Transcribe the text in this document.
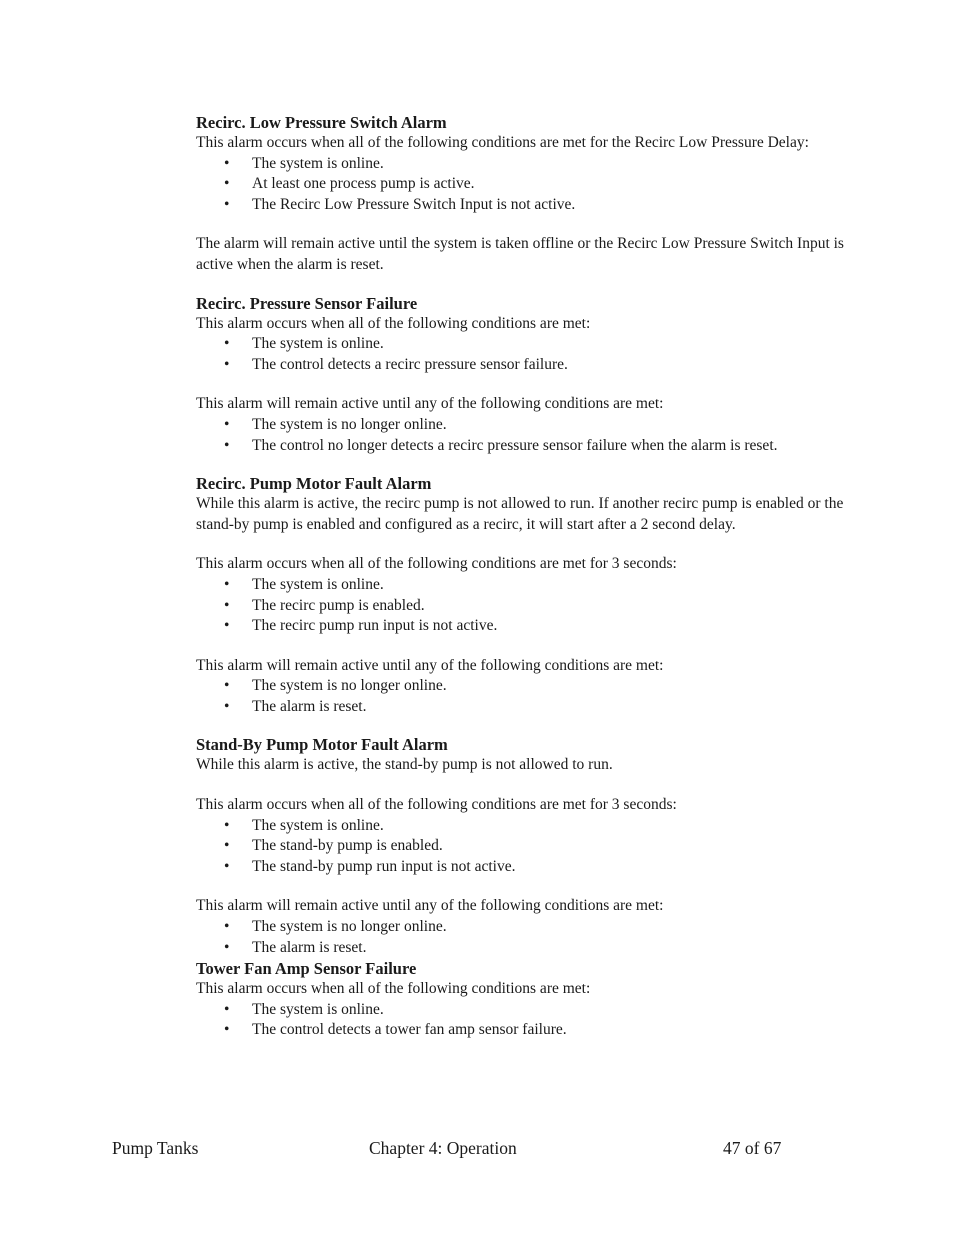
Recirc. Low Pressure Switch Alarm

This alarm occurs when all of the following conditions are met for the Recirc Low Pressure Delay:

• The system is online.
• At least one process pump is active.
• The Recirc Low Pressure Switch Input is not active.

The alarm will remain active until the system is taken offline or the Recirc Low Pressure Switch Input is active when the alarm is reset.

Recirc. Pressure Sensor Failure

This alarm occurs when all of the following conditions are met:

• The system is online.
• The control detects a recirc pressure sensor failure.

This alarm will remain active until any of the following conditions are met:

• The system is no longer online.
• The control no longer detects a recirc pressure sensor failure when the alarm is reset.

Recirc. Pump Motor Fault Alarm

While this alarm is active, the recirc pump is not allowed to run. If another recirc pump is enabled or the stand-by pump is enabled and configured as a recirc, it will start after a 2 second delay.

This alarm occurs when all of the following conditions are met for 3 seconds:

• The system is online.
• The recirc pump is enabled.
• The recirc pump run input is not active.

This alarm will remain active until any of the following conditions are met:

• The system is no longer online.
• The alarm is reset.

Stand-By Pump Motor Fault Alarm

While this alarm is active, the stand-by pump is not allowed to run.

This alarm occurs when all of the following conditions are met for 3 seconds:

• The system is online.
• The stand-by pump is enabled.
• The stand-by pump run input is not active.

This alarm will remain active until any of the following conditions are met:

• The system is no longer online.
• The alarm is reset.

Tower Fan Amp Sensor Failure

This alarm occurs when all of the following conditions are met:

• The system is online.
• The control detects a tower fan amp sensor failure.
Pump Tanks	Chapter 4: Operation	47 of 67
